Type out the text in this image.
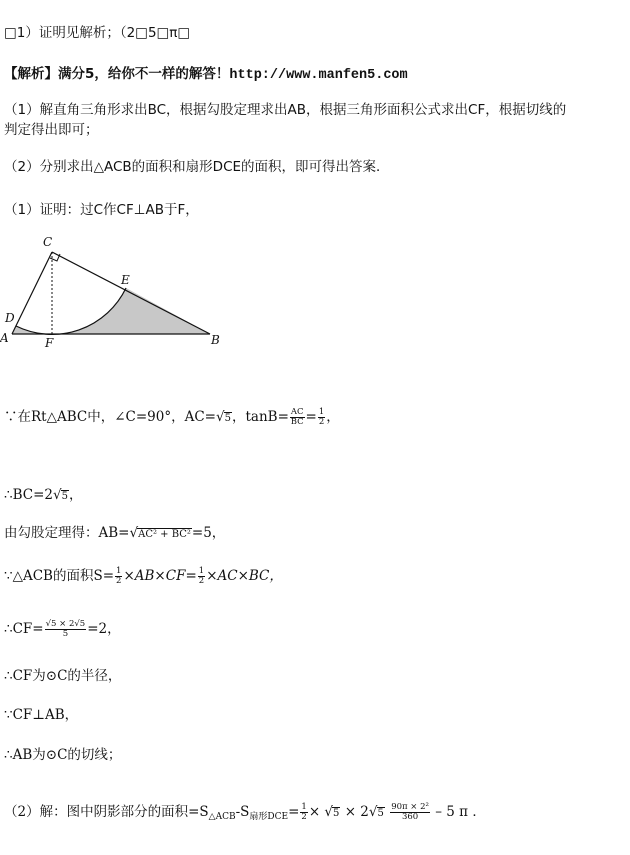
□1）证明见解析；（2□5□π□
【解析】满分5，给你不一样的解答！http://www.manfen5.com
（1）解直角三角形求出BC，根据勾股定理求出AB，根据三角形面积公式求出CF，根据切线的
判定得出即可；
（2）分别求出△ACB的面积和扇形DCE的面积，即可得出答案．
（1）证明：过C作CF⊥AB于F，
C
E
D
A	F	B
∵在Rt△ABC中，∠C=90°，AC=√5，$\tan B= \frac{AC}{BC} = \frac{1}{2}$ ，
∴BC=2√5，
由勾股定理得：AB=√AC² + BC²=5，
∵△ACB的面积$S= \frac{1}{2} \times AB\times CF= \frac{1}{2} \times AC\times BC$，
∴CF= $\frac{√5 \times 2√5}{5} =2$，
∴CF为⊙C的半径，
∵CF⊥AB，
∴AB为⊙C的切线；
（2）解：图中阴影部分的面积$=S_{\triangle ACB}-S_{扇形DCE}= \frac{1}{2} \times √5 \times 2√5 \frac{\text{90π × 2²}}{360} - 5$ π ．
